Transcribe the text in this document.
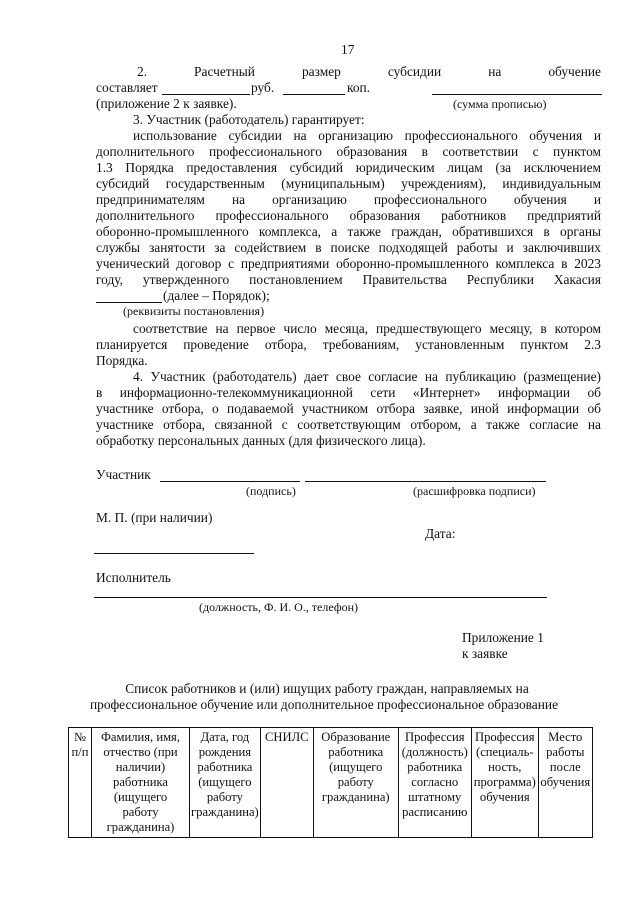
17
2.	Расчетный	размер	субсидии	на	обучение
составляет	руб.	коп.
(приложение 2 к заявке).	(сумма прописью)
3. Участник (работодатель) гарантирует:
использование субсидии на организацию профессионального обучения и
дополнительного профессионального образования в соответствии с пунктом
1.3 Порядка предоставления субсидий юридическим лицам (за исключением
субсидий государственным (муниципальным) учреждениям), индивидуальным
предпринимателям на организацию профессионального обучения и
дополнительного профессионального образования работников предприятий
оборонно-промышленного комплекса, а также граждан, обратившихся в органы
службы занятости за содействием в поиске подходящей работы и заключивших
ученический договор с предприятиями оборонно-промышленного комплекса в 2023
году, утвержденного постановлением Правительства Республики Хакасия
(далее – Порядок);
(реквизиты постановления)
соответствие на первое число месяца, предшествующего месяцу, в котором
планируется проведение отбора, требованиям, установленным пунктом 2.3
Порядка.
4. Участник (работодатель) дает свое согласие на публикацию (размещение)
в информационно-телекоммуникационной сети «Интернет» информации об
участнике отбора, о подаваемой участником отбора заявке, иной информации об
участнике отбора, связанной с соответствующим отбором, а также согласие на
обработку персональных данных (для физического лица).
Участник
(подпись)	(расшифровка подписи)
М. П. (при наличии)
Дата:
Исполнитель
(должность, Ф. И. О., телефон)
Приложение 1
к заявке
Список работников и (или) ищущих работу граждан, направляемых на
профессиональное обучение или дополнительное профессиональное образование
№
п/п	Фамилия, имя,
отчество (при
наличии)
работника
(ищущего
работу
гражданина)	Дата, год
рождения
работника
(ищущего
работу
гражданина)	СНИЛС	Образование
работника
(ищущего
работу
гражданина)	Профессия
(должность)
работника
согласно
штатному
расписанию	Профессия
(специаль-
ность,
программа)
обучения	Место
работы
после
обучения
